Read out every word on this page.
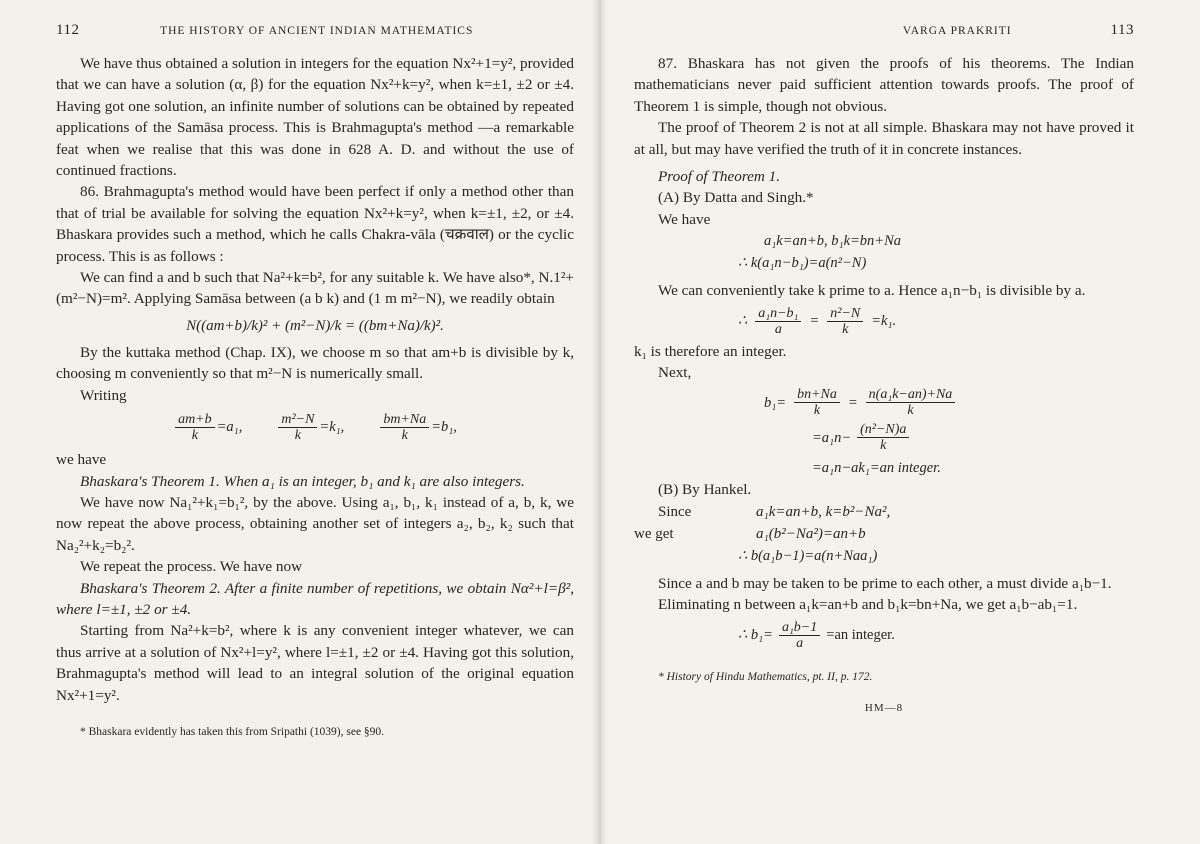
112	THE HISTORY OF ANCIENT INDIAN MATHEMATICS

We have thus obtained a solution in integers for the equation Nx²+1=y², provided that we can have a solution (α, β) for the equation Nx²+k=y², when k=±1, ±2 or ±4. Having got one solution, an infinite number of solutions can be obtained by repeated applications of the Samāsa process. This is Brahmagupta's method —a remarkable feat when we realise that this was done in 628 A. D. and without the use of continued fractions.

86. Brahmagupta's method would have been perfect if only a method other than that of trial be available for solving the equation Nx²+k=y², when k=±1, ±2, or ±4. Bhaskara provides such a method, which he calls Chakra-vāla (चक्रवाल) or the cyclic process. This is as follows :

We can find a and b such that Na²+k=b², for any suitable k. We have also*, N.1²+(m²−N)=m². Applying Samāsa between (a b k) and (1 m m²−N), we readily obtain

N((am+b)/k)² + (m²−N)/k = ((bm+Na)/k)².

By the kuttaka method (Chap. IX), we choose m so that am+b is divisible by k, choosing m conveniently so that m²−N is numerically small.

Writing

$\frac{am+b}{k} =a_1$,	$\frac{\text{m²−N}}{k} =k_1$,	$\frac{bm+Na}{k} =b_1$,

we have

Bhaskara's Theorem 1. When a₁ is an integer, b₁ and k₁ are also integers.

We have now Na₁²+k₁=b₁², by the above. Using a₁, b₁, k₁ instead of a, b, k, we now repeat the above process, obtaining another set of integers a₂, b₂, k₂ such that Na₂²+k₂=b₂².

We repeat the process. We have now

Bhaskara's Theorem 2. After a finite number of repetitions, we obtain Nα²+l=β², where l=±1, ±2 or ±4.

Starting from Na²+k=b², where k is any convenient integer whatever, we can thus arrive at a solution of Nx²+l=y², where l=±1, ±2 or ±4. Having got this solution, Brahmagupta's method will lead to an integral solution of the original equation Nx²+1=y².

* Bhaskara evidently has taken this from Sripathi (1039), see §90.

VARGA PRAKRITI	113

87. Bhaskara has not given the proofs of his theorems. The Indian mathematicians never paid sufficient attention towards proofs. The proof of Theorem 1 is simple, though not obvious.

The proof of Theorem 2 is not at all simple. Bhaskara may not have proved it at all, but may have verified the truth of it in concrete instances.

Proof of Theorem 1.

(A) By Datta and Singh.*

We have

a₁k=an+b, b₁k=bn+Na
∴ k(a₁n−b₁)=a(n²−N)

We can conveniently take k prime to a. Hence a₁n−b₁ is divisible by a.

∴ $\frac{\text{a₁n−b₁}}{a} = \frac{\text{n²−N}}{k} =k_1$.

k₁ is therefore an integer.

Next,

$b_1= \frac{bn+Na}{k} = \frac{\text{n(a₁k−an)+Na}}{k}$
$=a_1n- \frac{\text{(n²−N)a}}{k}$
=a₁n−ak₁=an integer.

(B) By Hankel.

Since	a₁k=an+b, k=b²−Na²,
we get	a₁(b²−Na²)=an+b
∴ b(a₁b−1)=a(n+Naa₁)

Since a and b may be taken to be prime to each other, a must divide a₁b−1.

Eliminating n between a₁k=an+b and b₁k=bn+Na, we get a₁b−ab₁=1.

∴ $b_1= \frac{\text{a₁b−1}}{a} =an$ integer.

* History of Hindu Mathematics, pt. II, p. 172.

HM—8
